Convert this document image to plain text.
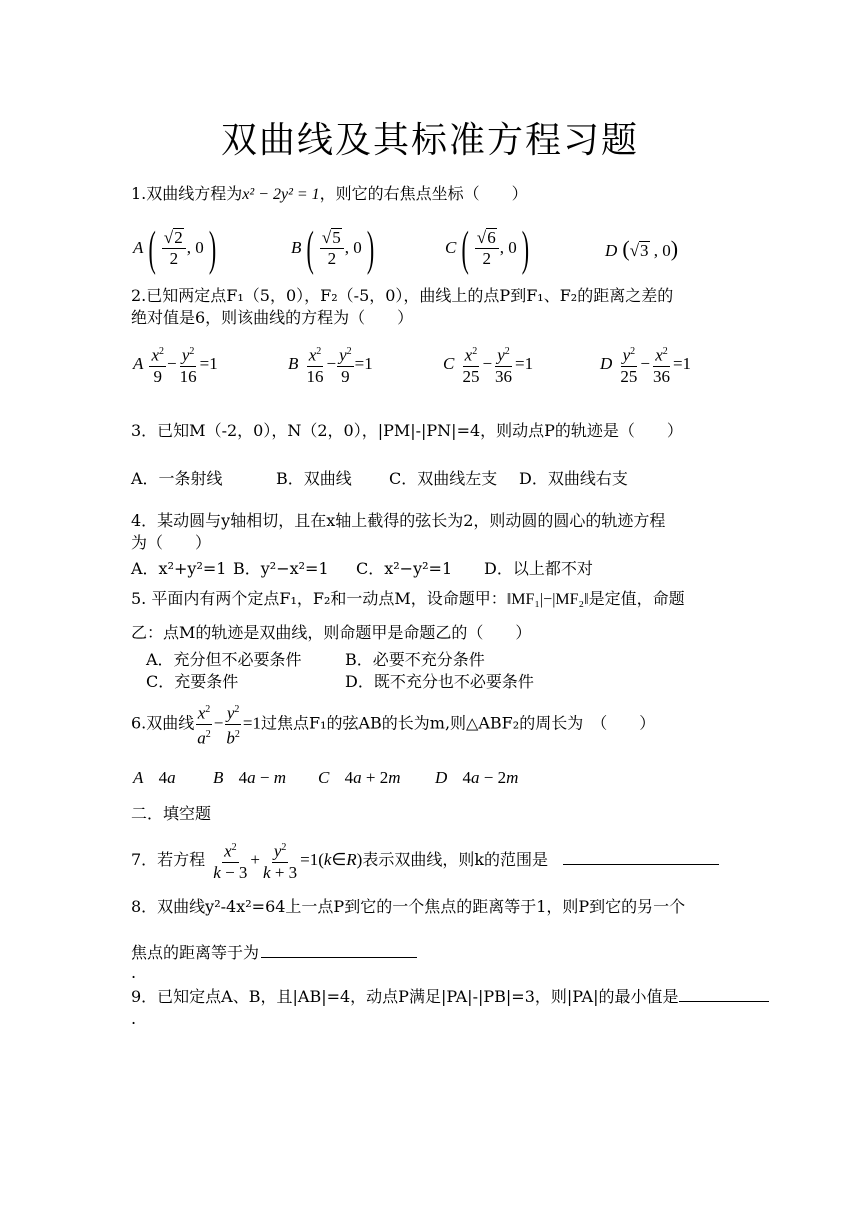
双曲线及其标准方程习题
1.双曲线方程为x² − 2y² = 1，则它的右焦点坐标（　　）
A ( $\frac{√2}{2}$ , 0 )	B ( $\frac{√5}{2}$ , 0 )	C ( $\frac{√6}{2}$ , 0 )	D (√3 , 0)
2.已知两定点F₁（5，0），F₂（-5，0），曲线上的点P到F₁、F₂的距离之差的
绝对值是6，则该曲线的方程为（　　）
A $\frac{x^2}{9} - \frac{y^2}{16} =1$	B $\frac{x^2}{16} - \frac{y^2}{9} =1$	C $\frac{x^2}{25} - \frac{y^2}{36} =1$	D $\frac{y^2}{25} - \frac{x^2}{36} =1$
3．已知M（-2，0），N（2，0），|PM|-|PN|=4，则动点P的轨迹是（　　）
A．一条射线	B．双曲线 C．双曲线左支 D．双曲线右支
4．某动圆与y轴相切，且在x轴上截得的弦长为2，则动圆的圆心的轨迹方程
为（　　）
A．x²+y²=1 B．y²−x²=1 C．x²−y²=1 D．以上都不对
5. 平面内有两个定点F₁，F₂和一动点M，设命题甲：‖MF₁|−|MF₂‖是定值，命题
乙：点M的轨迹是双曲线，则命题甲是命题乙的（　　）
A．充分但不必要条件	B．必要不充分条件
C．充要条件	D．既不充分也不必要条件
6.双曲线 $\frac{x^2}{a^2} - \frac{y^2}{b^2} =1$过焦点F₁的弦AB的长为m,则△ABF₂的周长为　 （　　）
A 4a B 4a − m C 4a + 2m D 4a − 2m
二．填空题
7．若方程 $\frac{x^2}{k - 3} + \frac{y^2}{k + 3}$ =1(k∈R)表示双曲线，则k的范围是
8．双曲线y²-4x²=64上一点P到它的一个焦点的距离等于1，则P到它的另一个
焦点的距离等于为
.
9．已知定点A、B，且|AB|=4，动点P满足|PA|-|PB|=3，则|PA|的最小值是
.
